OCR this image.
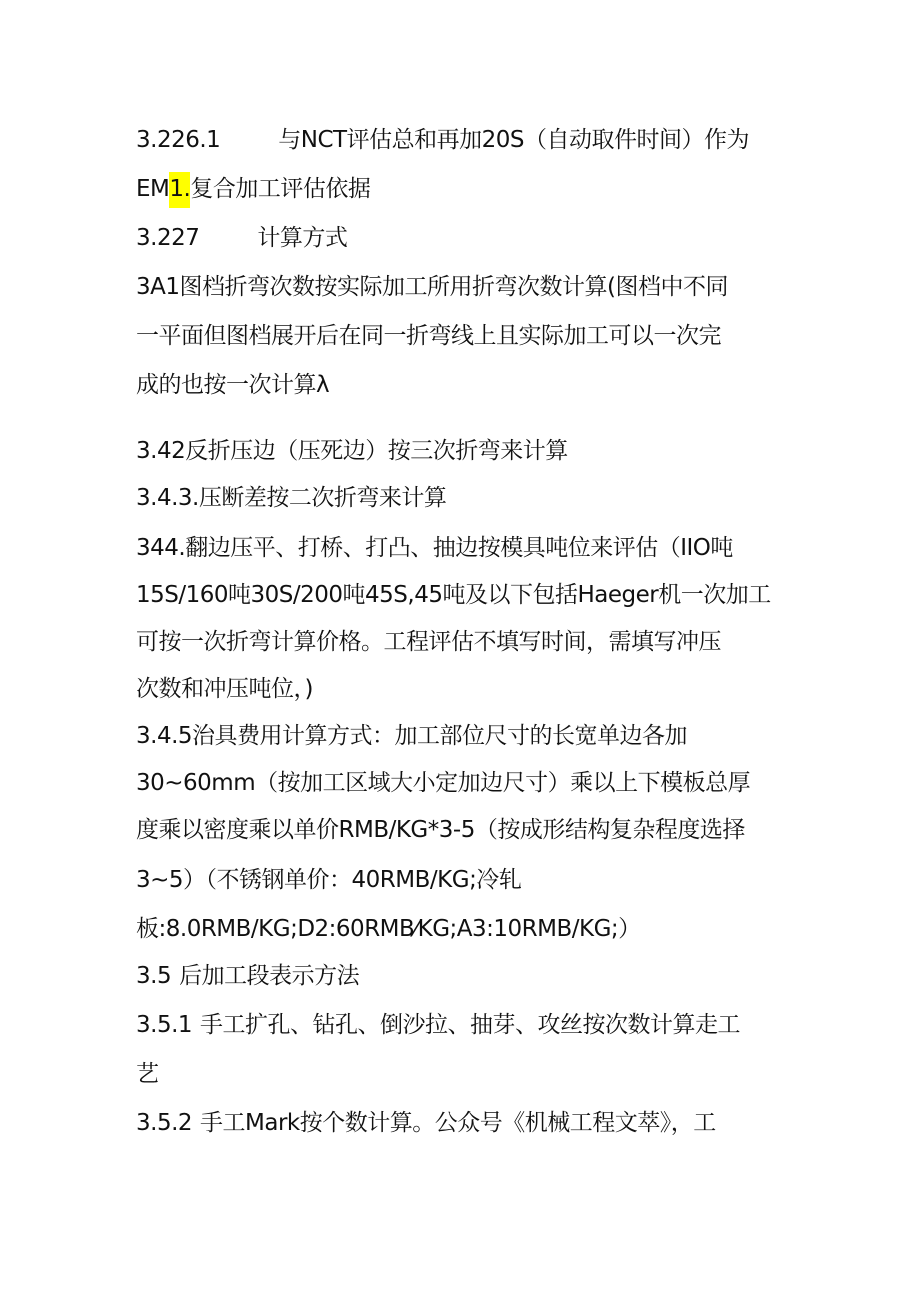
3.226.1	与NCT评估总和再加20S（自动取件时间）作为
EM1.复合加工评估依据
3.227	计算方式
3A1图档折弯次数按实际加工所用折弯次数计算(图档中不同
一平面但图档展开后在同一折弯线上且实际加工可以一次完
成的也按一次计算λ
3.42反折压边（压死边）按三次折弯来计算
3.4.3.压断差按二次折弯来计算
344.翻边压平、打桥、打凸、抽边按模具吨位来评估（IIO吨
15S/160吨30S/200吨45S,45吨及以下包括Haeger机一次加工
可按一次折弯计算价格。工程评估不填写时间，需填写冲压
次数和冲压吨位，)
3.4.5治具费用计算方式：加工部位尺寸的长宽单边各加
30~60mm（按加工区域大小定加边尺寸）乘以上下模板总厚
度乘以密度乘以单价RMB/KG*3-5（按成形结构复杂程度选择
3~5）（不锈钢单价：40RMB/KG;冷轧
板:8.0RMB/KG;D2:60RMB⁄KG;A3:10RMB/KG;）
3.5 后加工段表示方法
3.5.1 手工扩孔、钻孔、倒沙拉、抽芽、攻丝按次数计算走工
艺
3.5.2 手工Mark按个数计算。公众号《机械工程文萃》，工
